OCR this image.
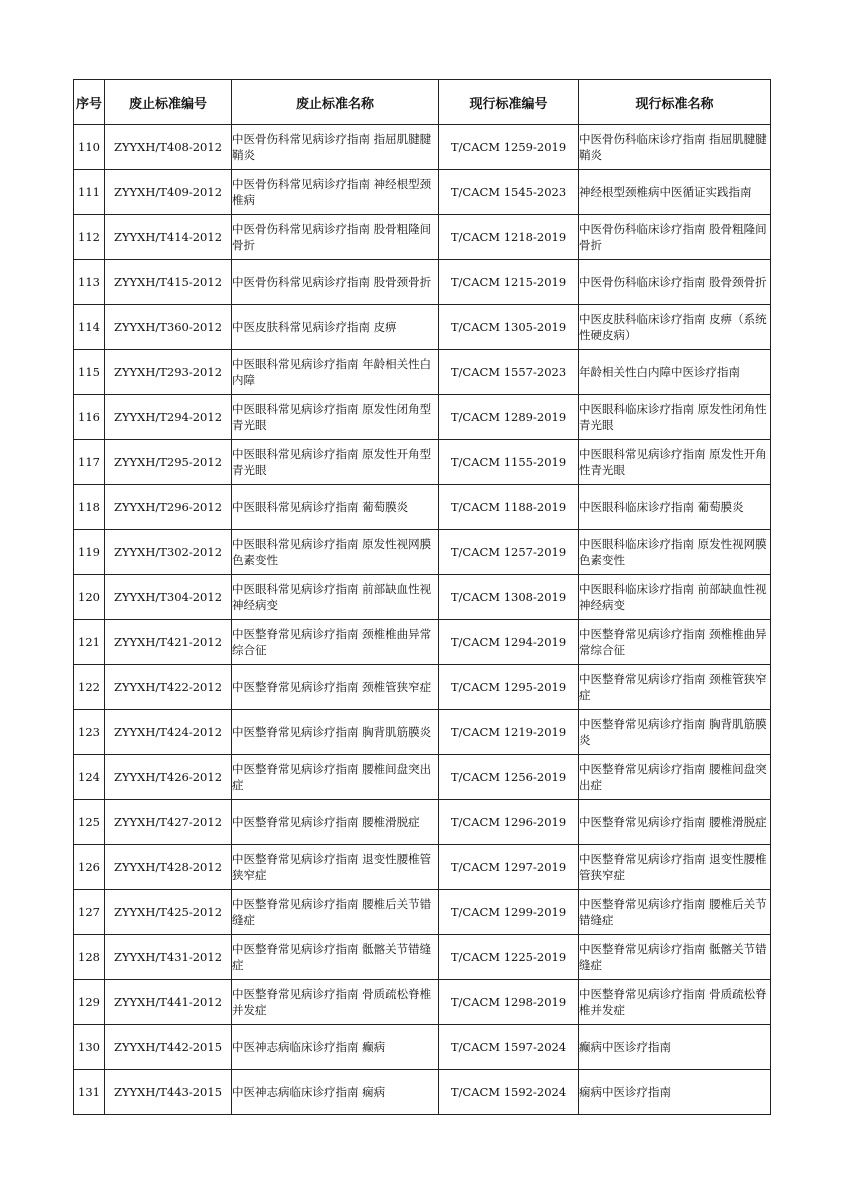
序号	废止标准编号	废止标准名称	现行标准编号	现行标准名称
110	ZYYXH/T408-2012	中医骨伤科常见病诊疗指南 指屈肌腱腱鞘炎	T/CACM 1259-2019	中医骨伤科临床诊疗指南 指屈肌腱腱鞘炎
111	ZYYXH/T409-2012	中医骨伤科常见病诊疗指南 神经根型颈椎病	T/CACM 1545-2023	神经根型颈椎病中医循证实践指南
112	ZYYXH/T414-2012	中医骨伤科常见病诊疗指南 股骨粗隆间骨折	T/CACM 1218-2019	中医骨伤科临床诊疗指南 股骨粗隆间骨折
113	ZYYXH/T415-2012	中医骨伤科常见病诊疗指南 股骨颈骨折	T/CACM 1215-2019	中医骨伤科临床诊疗指南 股骨颈骨折
114	ZYYXH/T360-2012	中医皮肤科常见病诊疗指南 皮痹	T/CACM 1305-2019	中医皮肤科临床诊疗指南 皮痹（系统性硬皮病）
115	ZYYXH/T293-2012	中医眼科常见病诊疗指南 年龄相关性白内障	T/CACM 1557-2023	年龄相关性白内障中医诊疗指南
116	ZYYXH/T294-2012	中医眼科常见病诊疗指南 原发性闭角型青光眼	T/CACM 1289-2019	中医眼科临床诊疗指南 原发性闭角性青光眼
117	ZYYXH/T295-2012	中医眼科常见病诊疗指南 原发性开角型青光眼	T/CACM 1155-2019	中医眼科常见病诊疗指南 原发性开角性青光眼
118	ZYYXH/T296-2012	中医眼科常见病诊疗指南 葡萄膜炎	T/CACM 1188-2019	中医眼科临床诊疗指南 葡萄膜炎
119	ZYYXH/T302-2012	中医眼科常见病诊疗指南 原发性视网膜色素变性	T/CACM 1257-2019	中医眼科临床诊疗指南 原发性视网膜色素变性
120	ZYYXH/T304-2012	中医眼科常见病诊疗指南 前部缺血性视神经病变	T/CACM 1308-2019	中医眼科临床诊疗指南 前部缺血性视神经病变
121	ZYYXH/T421-2012	中医整脊常见病诊疗指南 颈椎椎曲异常综合征	T/CACM 1294-2019	中医整脊常见病诊疗指南 颈椎椎曲异常综合征
122	ZYYXH/T422-2012	中医整脊常见病诊疗指南 颈椎管狭窄症	T/CACM 1295-2019	中医整脊常见病诊疗指南 颈椎管狭窄症
123	ZYYXH/T424-2012	中医整脊常见病诊疗指南 胸背肌筋膜炎	T/CACM 1219-2019	中医整脊常见病诊疗指南 胸背肌筋膜炎
124	ZYYXH/T426-2012	中医整脊常见病诊疗指南 腰椎间盘突出症	T/CACM 1256-2019	中医整脊常见病诊疗指南 腰椎间盘突出症
125	ZYYXH/T427-2012	中医整脊常见病诊疗指南 腰椎滑脱症	T/CACM 1296-2019	中医整脊常见病诊疗指南 腰椎滑脱症
126	ZYYXH/T428-2012	中医整脊常见病诊疗指南 退变性腰椎管狭窄症	T/CACM 1297-2019	中医整脊常见病诊疗指南 退变性腰椎管狭窄症
127	ZYYXH/T425-2012	中医整脊常见病诊疗指南 腰椎后关节错缝症	T/CACM 1299-2019	中医整脊常见病诊疗指南 腰椎后关节错缝症
128	ZYYXH/T431-2012	中医整脊常见病诊疗指南 骶髂关节错缝症	T/CACM 1225-2019	中医整脊常见病诊疗指南 骶髂关节错缝症
129	ZYYXH/T441-2012	中医整脊常见病诊疗指南 骨质疏松脊椎并发症	T/CACM 1298-2019	中医整脊常见病诊疗指南 骨质疏松脊椎并发症
130	ZYYXH/T442-2015	中医神志病临床诊疗指南 癫病	T/CACM 1597-2024	癫病中医诊疗指南
131	ZYYXH/T443-2015	中医神志病临床诊疗指南 痫病	T/CACM 1592-2024	痫病中医诊疗指南
